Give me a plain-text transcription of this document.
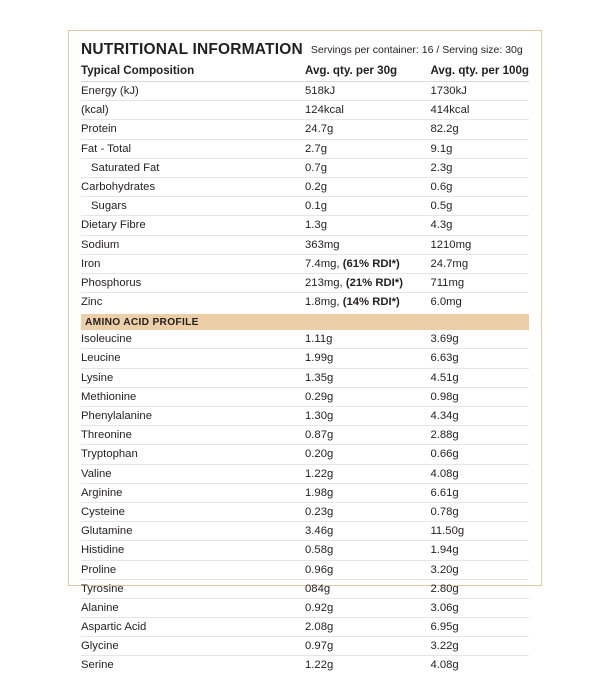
NUTRITIONAL INFORMATION Servings per container: 16 / Serving size: 30g
Typical Composition	Avg. qty. per 30g	Avg. qty. per 100g
Energy (kJ)	518kJ	1730kJ
(kcal)	124kcal	414kcal
Protein	24.7g	82.2g
Fat - Total	2.7g	9.1g
Saturated Fat	0.7g	2.3g
Carbohydrates	0.2g	0.6g
Sugars	0.1g	0.5g
Dietary Fibre	1.3g	4.3g
Sodium	363mg	1210mg
Iron	7.4mg, (61% RDI*)	24.7mg
Phosphorus	213mg, (21% RDI*)	711mg
Zinc	1.8mg, (14% RDI*)	6.0mg
AMINO ACID PROFILE		
Isoleucine	1.11g	3.69g
Leucine	1.99g	6.63g
Lysine	1.35g	4.51g
Methionine	0.29g	0.98g
Phenylalanine	1.30g	4.34g
Threonine	0.87g	2.88g
Tryptophan	0.20g	0.66g
Valine	1.22g	4.08g
Arginine	1.98g	6.61g
Cysteine	0.23g	0.78g
Glutamine	3.46g	11.50g
Histidine	0.58g	1.94g
Proline	0.96g	3.20g
Tyrosine	084g	2.80g
Alanine	0.92g	3.06g
Aspartic Acid	2.08g	6.95g
Glycine	0.97g	3.22g
Serine	1.22g	4.08g
